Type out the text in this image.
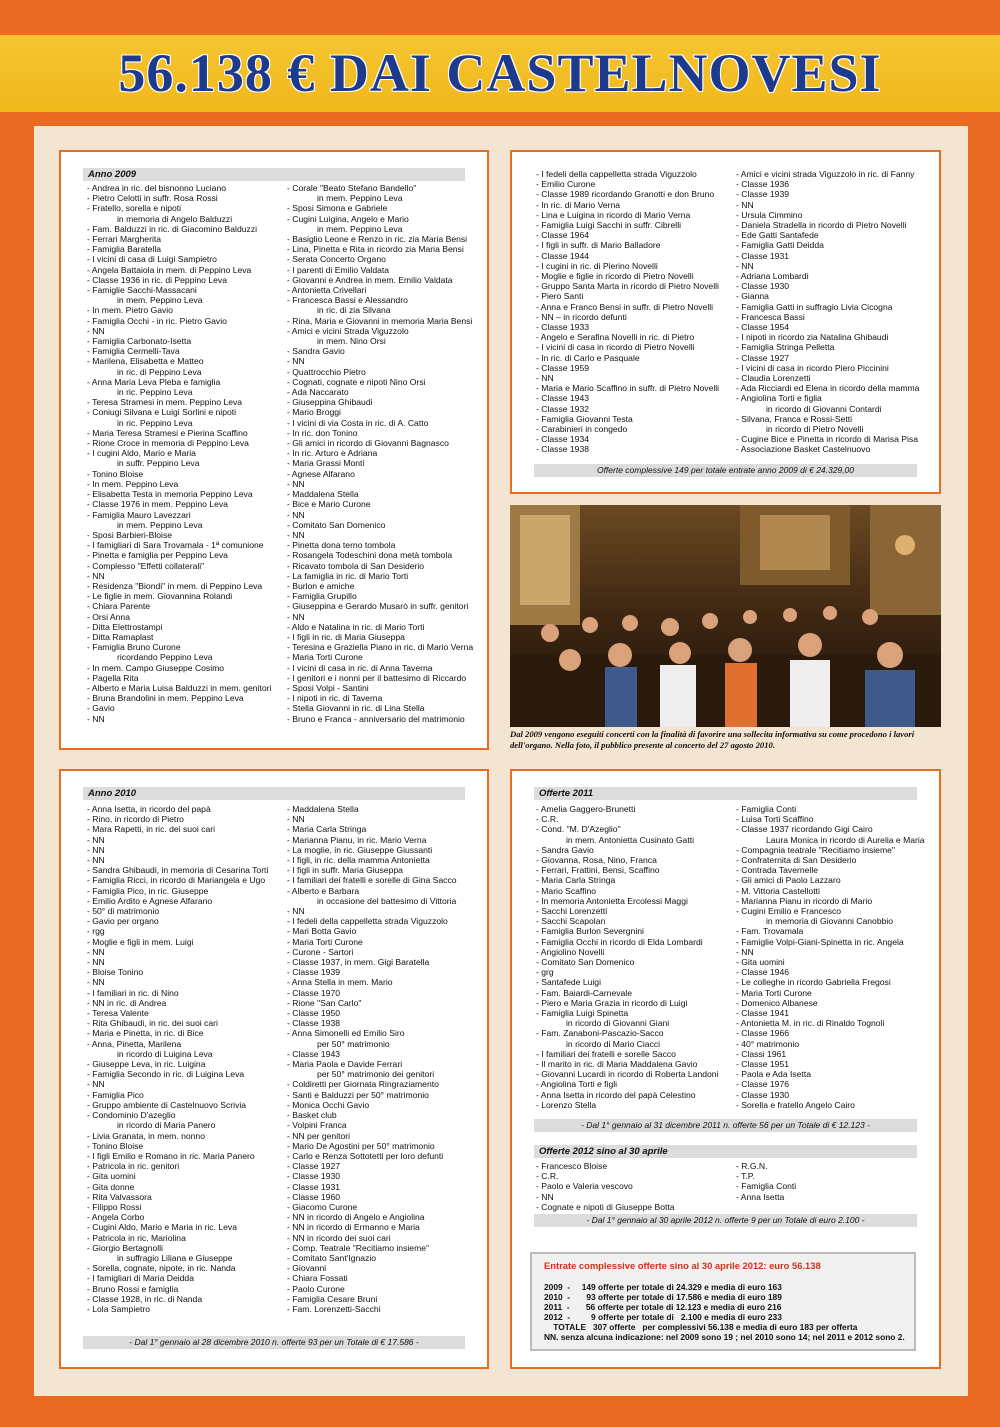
56.138 € DAI CASTELNOVESI
Anno 2009
- Andrea in ric. del bisnonno Luciano
- Pietro Celotti in suffr. Rosa Rossi
- Fratello, sorella e nipoti
in memoria di Angelo Balduzzi
- Fam. Balduzzi in ric. di Giacomino Balduzzi
- Ferrari Margherita
- Famiglia Baratella
- I vicini di casa di Luigi Sampietro
- Angela Battaiola in mem. di Peppino Leva
- Classe 1936 in ric. di Peppino Leva
- Famiglie Sacchi-Massacani
in mem. Peppino Leva
- In mem. Pietro Gavio
- Famiglia Occhi - in ric. Pietro Gavio
- NN
- Famiglia Carbonato-Isetta
- Famiglia Cermelli-Tava
- Marilena, Elisabetta e Matteo
in ric. di Peppino Leva
- Anna Maria Leva Pleba e famiglia
in ric. Peppino Leva
- Teresa Stramesi in mem. Peppino Leva
- Coniugi Silvana e Luigi Sorlini e nipoti
in ric. Peppino Leva
- Maria Teresa Stramesi e Pierina Scaffino
- Rione Croce in memoria di Peppino Leva
- I cugini Aldo, Mario e Maria
in suffr. Peppino Leva
- Tonino Bloise
- In mem. Peppino Leva
- Elisabetta Testa in memoria Peppino Leva
- Classe 1976 in mem. Peppino Leva
- Famiglia Mauro Lavezzari
in mem. Peppino Leva
- Sposi Barbieri-Bloise
- I famigliari di Sara Trovamala - 1ª comunione
- Pinetta e famiglia per Peppino Leva
- Complesso "Effetti collaterali"
- NN
- Residenza "Biondi" in mem. di Peppino Leva
- Le figlie in mem. Giovannina Rolandi
- Chiara Parente
- Orsi Anna
- Ditta Elettrostampi
- Ditta Ramaplast
- Famiglia Bruno Curone
ricordando Peppino Leva
- In mem. Campo Giuseppe Cosimo
- Pagella Rita
- Alberto e Maria Luisa Balduzzi in mem. genitori
- Bruna Brandolini in mem. Peppino Leva
- Gavio
- NN
- Corale "Beato Stefano Bandello"
in mem. Peppino Leva
- Sposi Simona e Gabriele
- Cugini Luigina, Angelo e Mario
in mem. Peppino Leva
- Basiglio Leone e Renzo in ric. zia Maria Bensi
- Lina, Pinetta e Rita in ricordo zia Maria Bensi
- Serata Concerto Organo
- I parenti di Emilio Valdata
- Giovanni e Andrea in mem. Emilio Valdata
- Antonietta Crivellari
- Francesca Bassi e Alessandro
in ric. di zia Silvana
- Rina, Maria e Giovanni in memoria Maria Bensi
- Amici e vicini Strada Viguzzolo
in mem. Nino Orsi
- Sandra Gavio
- NN
- Quattrocchio Pietro
- Cognati, cognate e nipoti Nino Orsi
- Ada Naccarato
- Giuseppina Ghibaudi
- Mario Broggi
- I vicini di via Costa in ric. di A. Catto
- In ric. don Tonino
- Gli amici in ricordo di Giovanni Bagnasco
- In ric. Arturo e Adriana
- Maria Grassi Monti
- Agnese Alfarano
- NN
- Maddalena Stella
- Bice e Mario Curone
- NN
- Comitato San Domenico
- NN
- Pinetta dona terno tombola
- Rosangela Todeschini dona metà tombola
- Ricavato tombola di San Desiderio
- La famiglia in ric. di Mario Torti
- Burlon e amiche
- Famiglia Grupillo
- Giuseppina e Gerardo Musarò in suffr. genitori
- NN
- Aldo e Natalina in ric. di Mario Torti
- I figli in ric. di Maria Giuseppa
- Teresina e Graziella Piano in ric. di Mario Verna
- Maria Torti Curone
- I vicini di casa in ric. di Anna Taverna
- I genitori e i nonni per il battesimo di Riccardo
- Sposi Volpi - Santini
- I nipoti in ric. di Taverna
- Stella Giovanni in ric. di Lina Stella
- Bruno e Franca - anniversario del matrimonio
- I fedeli della cappelletta strada Viguzzolo
- Emilio Curone
- Classe 1989 ricordando Granotti e don Bruno
- In ric. di Mario Verna
- Lina e Luigina in ricordo di Mario Verna
- Famiglia Luigi Sacchi in suffr. Cibrelli
- Classe 1964
- I figli in suffr. di Mario Balladore
- Classe 1944
- I cugini in ric. di Pierino Novelli
- Moglie e figlie in ricordo di Pietro Novelli
- Gruppo Santa Marta in ricordo di Pietro Novelli
- Piero Santi
- Anna e Franco Bensi in suffr. di Pietro Novelli
- NN – in ricordo defunti
- Classe 1933
- Angelo e Serafina Novelli in ric. di Pietro
- I vicini di casa in ricordo di Pietro Novelli
- In ric. di Carlo e Pasquale
- Classe 1959
- NN
- Maria e Mario Scaffino in suffr. di Pietro Novelli
- Classe 1943
- Classe 1932
- Famiglia Giovanni Testa
- Carabinieri in congedo
- Classe 1934
- Classe 1938
- Amici e vicini strada Viguzzolo in ric. di Fanny
- Classe 1936
- Classe 1939
- NN
- Ursula Cimmino
- Daniela Stradella in ricordo di Pietro Novelli
- Ede Gatti Santafede
- Famiglia Gatti Deidda
- Classe 1931
- NN
- Adriana Lombardi
- Classe 1930
- Gianna
- Famiglia Gatti in suffragio Livia Cicogna
- Francesca Bassi
- Classe 1954
- I nipoti in ricordo zia Natalina Ghibaudi
- Famiglia Stringa Pelletta
- Classe 1927
- I vicini di casa in ricordo Piero Piccinini
- Claudia Lorenzetti
- Ada Ricciardi ed Elena in ricordo della mamma
- Angiolina Torti e figlia
in ricordo di Giovanni Contardi
- Silvana, Franca e Rossi-Setti
in ricordo di Pietro Novelli
- Cugine Bice e Pinetta in ricordo di Marisa Pisa
- Associazione Basket Castelnuovo
Offerte complessive 149 per totale entrate anno 2009 di € 24.329,00
Dal 2009 vengono eseguiti concerti con la finalità di favorire una sollecita informativa su come procedono i lavori dell'organo. Nella foto, il pubblico presente al concerto del 27 agosto 2010.
Anno 2010
- Anna Isetta, in ricordo del papà
- Rino, in ricordo di Pietro
- Mara Rapetti, in ric. dei suoi cari
- NN
- NN
- NN
- Sandra Ghibaudi, in memoria di Cesarina Torti
- Famiglia Ricci, in ricordo di Mariangela e Ugo
- Famiglia Pico, in ric. Giuseppe
- Emilio Ardito e Agnese Alfarano
- 50° di matrimonio
- Gavio per organo
- rgg
- Moglie e figli in mem. Luigi
- NN
- NN
- Bloise Tonino
- NN
- I familiari in ric. di Nino
- NN in ric. di Andrea
- Teresa Valente
- Rita Ghibaudi, in ric. dei suoi cari
- Maria e Pinetta, in ric. di Bice
- Anna, Pinetta, Marilena
in ricordo di Luigina Leva
- Giuseppe Leva, in ric. Luigina
- Famiglia Secondo in ric. di Luigina Leva
- NN
- Famiglia Pico
- Gruppo ambiente di Castelnuovo Scrivia
- Condominio D'azeglio
in ricordo di Maria Panero
- Livia Granata, in mem. nonno
- Tonino Bloise
- I figli Emilio e Romano in ric. Maria Panero
- Patricola in ric. genitori
- Gita uomini
- Gita donne
- Rita Valvassora
- Filippo Rossi
- Angela Corbo
- Cugini Aldo, Mario e Maria in ric. Leva
- Patricola in ric. Mariolina
- Giorgio Bertagnolli
in suffragio Liliana e Giuseppe
- Sorella, cognate, nipote, in ric. Nanda
- I famigliari di Maria Deidda
- Bruno Rossi e famiglia
- Classe 1928, in ric. di Nanda
- Lola Sampietro
- Maddalena Stella
- NN
- Maria Carla Stringa
- Marianna Pianu, in ric. Mario Verna
- La moglie, in ric. Giuseppe Giussanti
- I figli, in ric. della mamma Antonietta
- I figli in suffr. Maria Giuseppa
- I familiari dei fratelli e sorelle di Gina Sacco
- Alberto e Barbara
in occasione del battesimo di Vittoria
- NN
- I fedeli della cappelletta strada Viguzzolo
- Mari Botta Gavio
- Maria Torti Curone
- Curone - Sartori
- Classe 1937, in mem. Gigi Baratella
- Classe 1939
- Anna Stella in mem. Mario
- Classe 1970
- Rione "San Carlo"
- Classe 1950
- Classe 1938
- Anna Simonelli ed Emilio Siro
per 50° matrimonio
- Classe 1943
- Maria Paola e Davide Ferrari
per 50° matrimonio dei genitori
- Coldiretti per Giornata Ringraziamento
- Santi e Balduzzi per 50° matrimonio
- Monica Occhi Gavio
- Basket club
- Volpini Franca
- NN per genitori
- Mario De Agostini per 50° matrimonio
- Carlo e Renza Sottotetti per loro defunti
- Classe 1927
- Classe 1930
- Classe 1931
- Classe 1960
- Giacomo Curone
- NN in ricordo di Angelo e Angiolina
- NN in ricordo di Ermanno e Maria
- NN in ricordo dei suoi cari
- Comp. Teatrale "Recitiamo insieme"
- Comitato Sant'Ignazio
- Giovanni
- Chiara Fossati
- Paolo Curone
- Famiglia Cesare Bruni
- Fam. Lorenzetti-Sacchi
- Dal 1° gennaio al 28 dicembre 2010 n. offerte 93 per un Totale di € 17.586 -
Offerte 2011
- Amelia Gaggero-Brunetti
- C.R.
- Cond. "M. D'Azeglio"
in mem. Antonietta Cusinato Gatti
- Sandra Gavio
- Giovanna, Rosa, Nino, Franca
- Ferrari, Frattini, Bensi, Scaffino
- Maria Carla Stringa
- Mario Scaffino
- In memoria Antonietta Ercolessi Maggi
- Sacchi Lorenzetti
- Sacchi Scapolan
- Famiglia Burlon Severgnini
- Famiglia Occhi in ricordo di Elda Lombardi
- Angiolino Novelli
- Comitato San Domenico
- grg
- Santafede Luigi
- Fam. Baiardi-Carnevale
- Piero e Maria Grazia in ricordo di Luigi
- Famiglia Luigi Spinetta
in ricordo di Giovanni Giani
- Fam. Zanaboni-Pascazio-Sacco
in ricordo di Mario Ciacci
- I familiari dei fratelli e sorelle Sacco
- Il marito in ric. di Maria Maddalena Gavio
- Giovanni Lucardi in ricordo di Roberta Landoni
- Angiolina Torti e figli
- Anna Isetta in ricordo del papà Celestino
- Lorenzo Stella
- Famiglia Conti
- Luisa Torti Scaffino
- Classe 1937 ricordando Gigi Cairo
Laura Monica in ricordo di Aurelia e Maria
- Compagnia teatrale "Recitiamo insieme"
- Confraternita di San Desiderio
- Contrada Tavernelle
- Gli amici di Paolo Lazzaro
- M. Vittoria Castellotti
- Marianna Pianu in ricordo di Mario
- Cugini Emilio e Francesco
in memoria di Giovanni Canobbio
- Fam. Trovamala
- Famiglie Volpi-Giani-Spinetta in ric. Angela
- NN
- Gita uomini
- Classe 1946
- Le colleghe in ricordo Gabriella Fregosi
- Maria Torti Curone
- Domenico Albanese
- Classe 1941
- Antonietta M. in ric. di Rinaldo Tognoli
- Classe 1966
- 40° matrimonio
- Classi 1961
- Classe 1951
- Paola e Ada Isetta
- Classe 1976
- Classe 1930
- Sorella e fratello Angelo Cairo
- Dal 1° gennaio al 31 dicembre 2011 n. offerte 56 per un Totale di € 12.123 -
Offerte 2012 sino al 30 aprile
- Francesco Bloise
- C.R.
- Paolo e Valeria vescovo
- NN
- Cognate e nipoti di Giuseppe Botta
- R.G.N.
- T.P.
- Famiglia Conti
- Anna Isetta
- Dal 1° gennaio al 30 aprile 2012 n. offerte 9 per un Totale di euro 2.100 -
Entrate complessive offerte sino al 30 aprile 2012: euro 56.138
2009  -     149 offerte per totale di 24.329 e media di euro 163
2010  -       93 offerte per totale di 17.586 e media di euro 189
2011  -       56 offerte per totale di 12.123 e media di euro 216
2012  -         9 offerte per totale di   2.100 e media di euro 233
TOTALE   307 offerte   per complessivi 56.138 e media di euro 183 per offerta
NN. senza alcuna indicazione: nel 2009 sono 19 ; nel 2010 sono 14; nel 2011 e 2012 sono 2.
